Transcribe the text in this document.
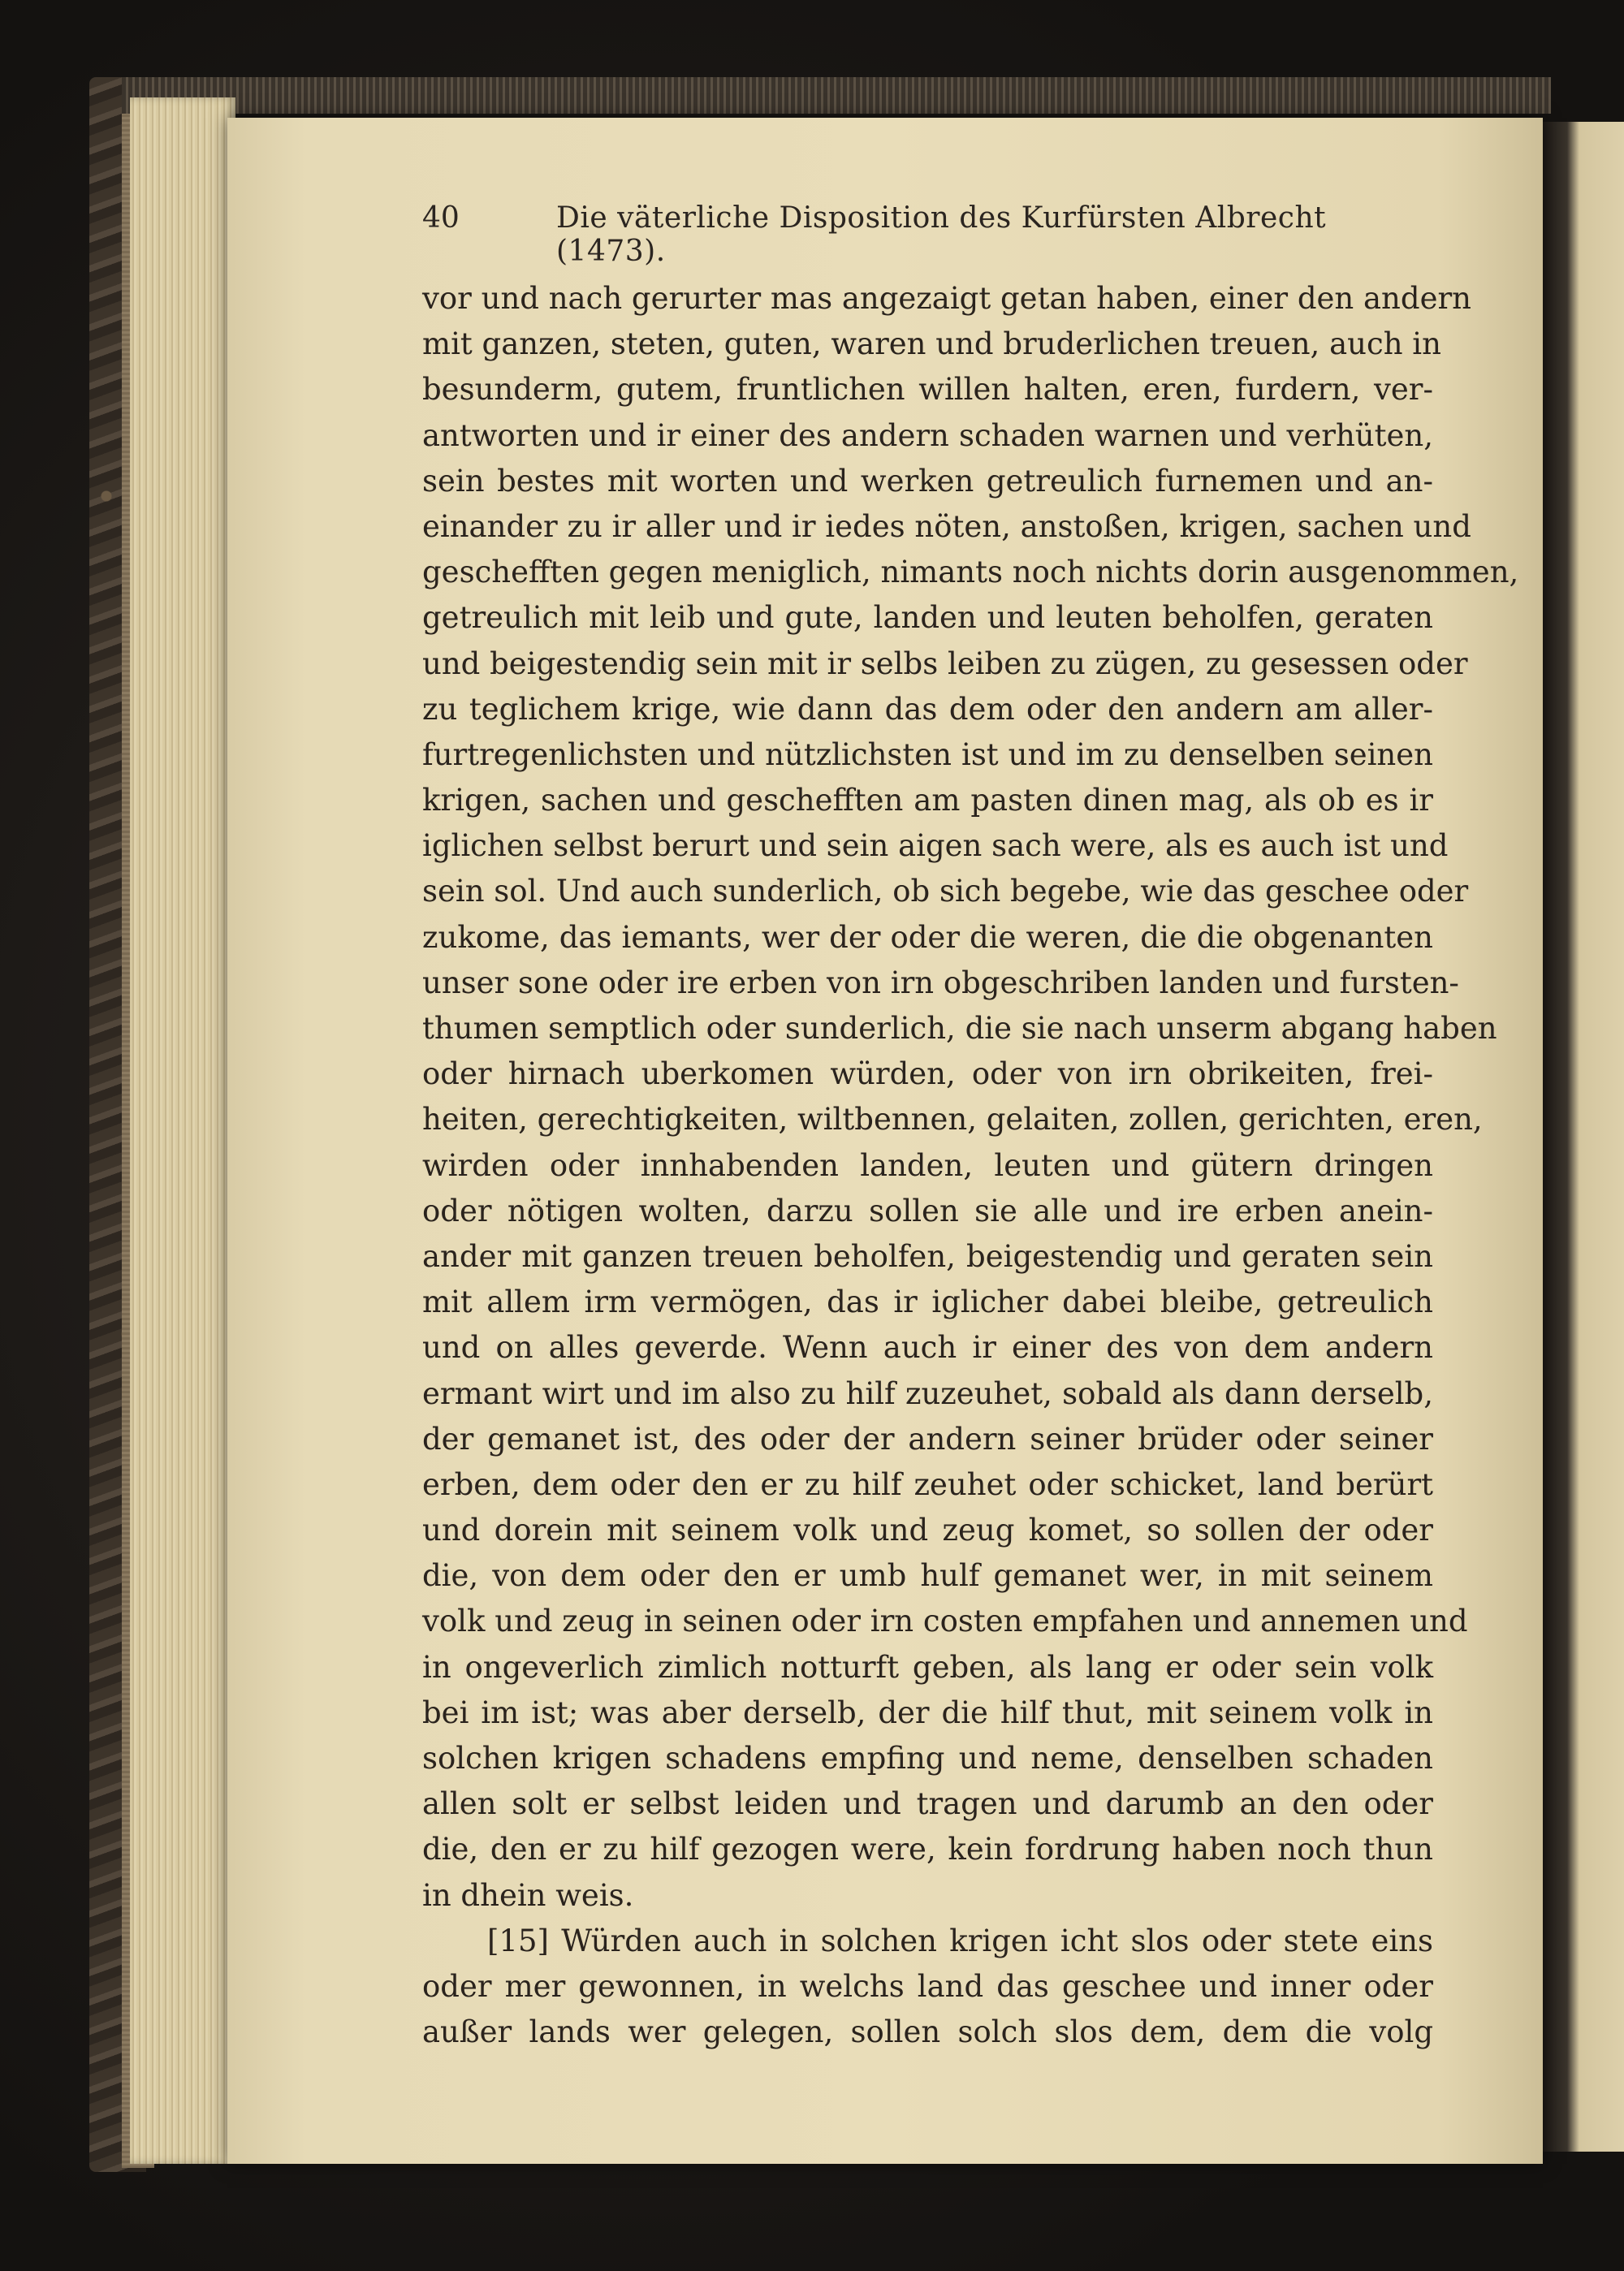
40	Die väterliche Disposition des Kurfürsten Albrecht (1473).
vor und nach gerurter mas angezaigt getan haben, einer den andern
mit ganzen, steten, guten, waren und bruderlichen treuen, auch in
besunderm, gutem, fruntlichen willen halten, eren, furdern, ver-
antworten und ir einer des andern schaden warnen und verhüten,
sein bestes mit worten und werken getreulich furnemen und an-
einander zu ir aller und ir iedes nöten, anstoßen, krigen, sachen und
geschefften gegen meniglich, nimants noch nichts dorin ausgenommen,
getreulich mit leib und gute, landen und leuten beholfen, geraten
und beigestendig sein mit ir selbs leiben zu zügen, zu gesessen oder
zu teglichem krige, wie dann das dem oder den andern am aller-
furtregenlichsten und nützlichsten ist und im zu denselben seinen
krigen, sachen und geschefften am pasten dinen mag, als ob es ir
iglichen selbst berurt und sein aigen sach were, als es auch ist und
sein sol. Und auch sunderlich, ob sich begebe, wie das geschee oder
zukome, das iemants, wer der oder die weren, die die obgenanten
unser sone oder ire erben von irn obgeschriben landen und fursten-
thumen semptlich oder sunderlich, die sie nach unserm abgang haben
oder hirnach uberkomen würden, oder von irn obrikeiten, frei-
heiten, gerechtigkeiten, wiltbennen, gelaiten, zollen, gerichten, eren,
wirden oder innhabenden landen, leuten und gütern dringen
oder nötigen wolten, darzu sollen sie alle und ire erben anein-
ander mit ganzen treuen beholfen, beigestendig und geraten sein
mit allem irm vermögen, das ir iglicher dabei bleibe, getreulich
und on alles geverde. Wenn auch ir einer des von dem andern
ermant wirt und im also zu hilf zuzeuhet, sobald als dann derselb,
der gemanet ist, des oder der andern seiner brüder oder seiner
erben, dem oder den er zu hilf zeuhet oder schicket, land berürt
und dorein mit seinem volk und zeug komet, so sollen der oder
die, von dem oder den er umb hulf gemanet wer, in mit seinem
volk und zeug in seinen oder irn costen empfahen und annemen und
in ongeverlich zimlich notturft geben, als lang er oder sein volk
bei im ist; was aber derselb, der die hilf thut, mit seinem volk in
solchen krigen schadens empfing und neme, denselben schaden
allen solt er selbst leiden und tragen und darumb an den oder
die, den er zu hilf gezogen were, kein fordrung haben noch thun
in dhein weis.
[15] Würden auch in solchen krigen icht slos oder stete eins
oder mer gewonnen, in welchs land das geschee und inner oder
außer lands wer gelegen, sollen solch slos dem, dem die volg
